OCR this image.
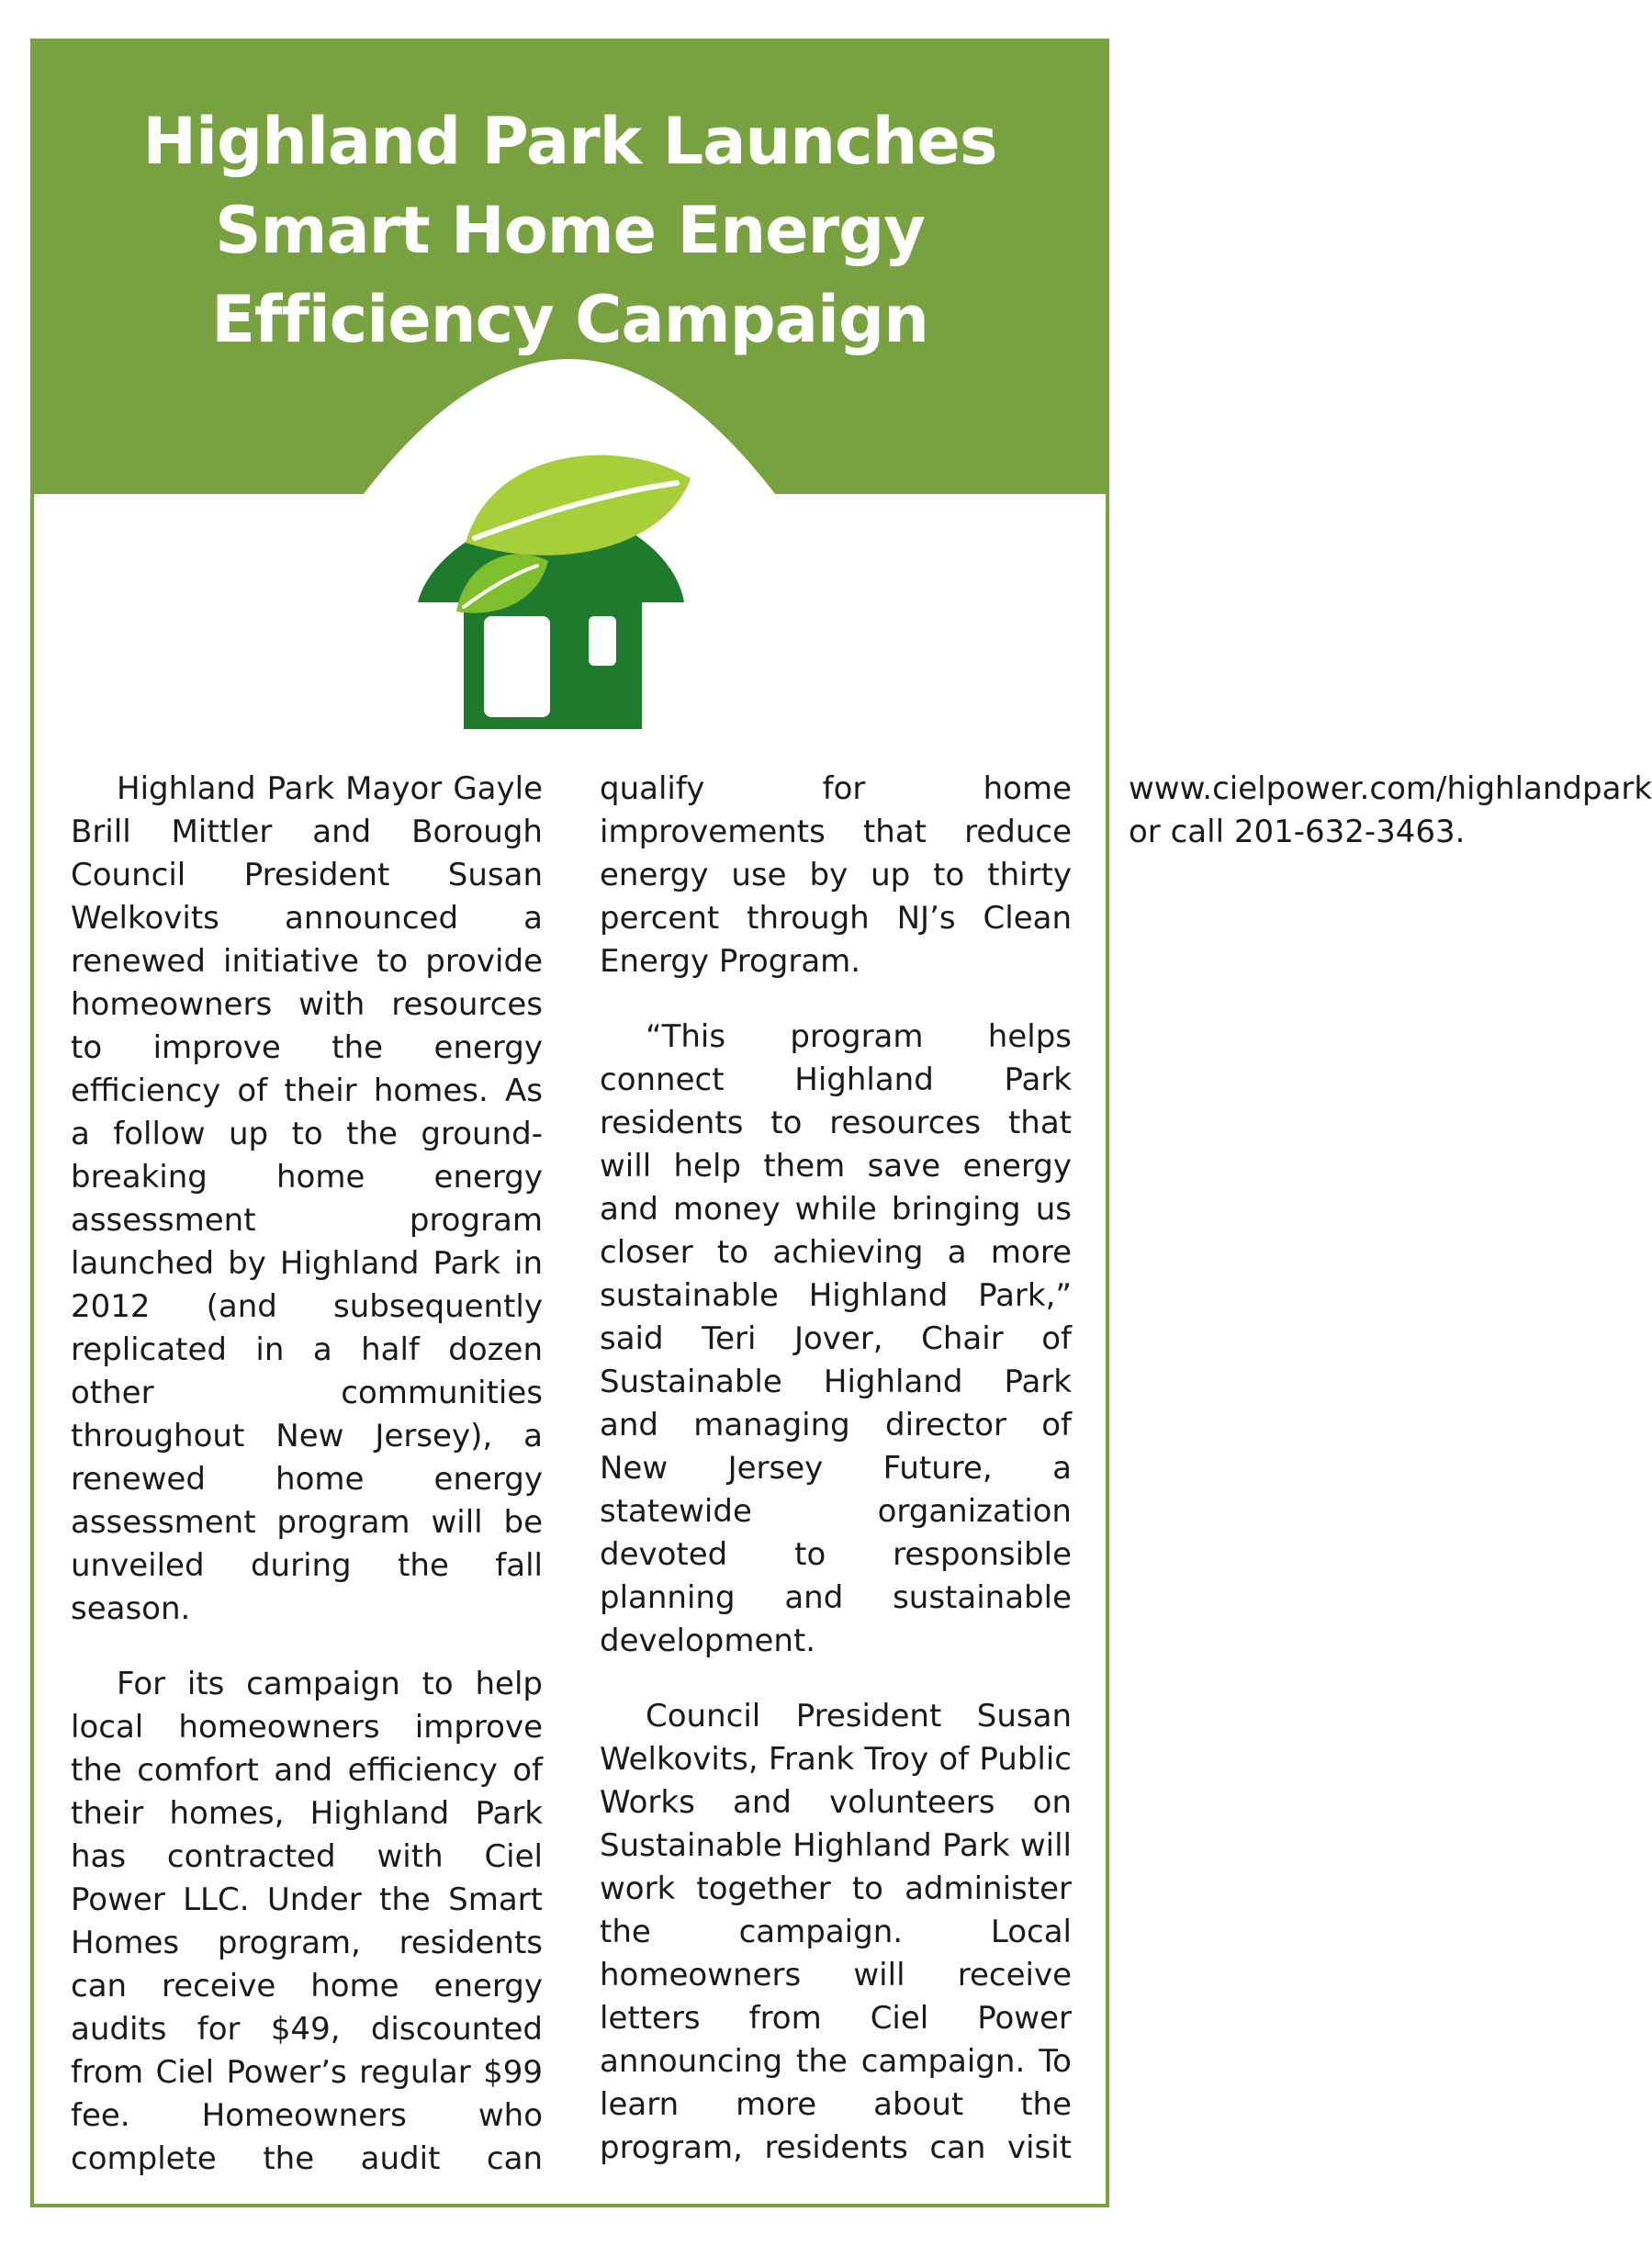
Highland Park Launches
Smart Home Energy
Efficiency Campaign

Highland Park Mayor Gayle Brill Mittler and Borough Council President Susan Welkovits announced a renewed initiative to provide homeowners with resources to improve the energy efficiency of their homes. As a follow up to the ground-breaking home energy assessment program launched by Highland Park in 2012 (and subsequently replicated in a half dozen other communities throughout New Jersey), a renewed home energy assessment program will be unveiled during the fall season.

For its campaign to help local homeowners improve the comfort and efficiency of their homes, Highland Park has contracted with Ciel Power LLC. Under the Smart Homes program, residents can receive home energy audits for $49, discounted from Ciel Power’s regular $99 fee. Homeowners who complete the audit can qualify for home improvements that reduce energy use by up to thirty percent through NJ’s Clean Energy Program.

“This program helps connect Highland Park residents to resources that will help them save energy and money while bringing us closer to achieving a more sustainable Highland Park,” said Teri Jover, Chair of Sustainable Highland Park and managing director of New Jersey Future, a statewide organization devoted to responsible planning and sustainable development.

Council President Susan Welkovits, Frank Troy of Public Works and volunteers on Sustainable Highland Park will work together to administer the campaign. Local homeowners will receive letters from Ciel Power announcing the campaign. To learn more about the program, residents can visit www.cielpower.com/highlandpark or call 201-632-3463.
